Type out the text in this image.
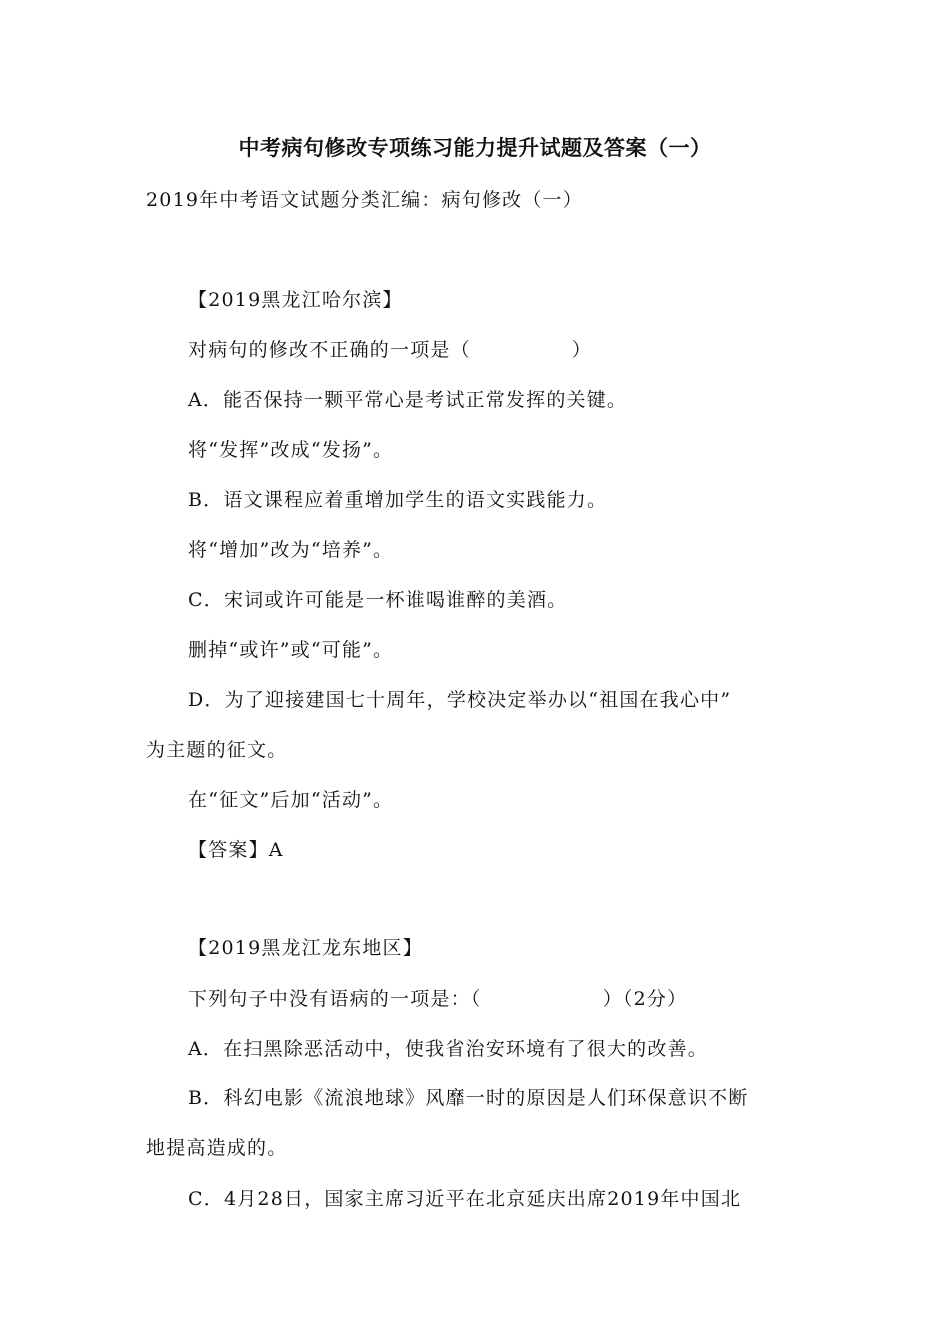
中考病句修改专项练习能力提升试题及答案（一）
2019年中考语文试题分类汇编：病句修改（一）
【2019黑龙江哈尔滨】
对病句的修改不正确的一项是（　　　　　）
A．能否保持一颗平常心是考试正常发挥的关键。
将“发挥”改成“发扬”。
B．语文课程应着重增加学生的语文实践能力。
将“增加”改为“培养”。
C．宋词或许可能是一杯谁喝谁醉的美酒。
删掉“或许”或“可能”。
D．为了迎接建国七十周年，学校决定举办以“祖国在我心中”
为主题的征文。
在“征文”后加“活动”。
【答案】A
【2019黑龙江龙东地区】
下列句子中没有语病的一项是：（　　　　　　）（2分）
A．在扫黑除恶活动中，使我省治安环境有了很大的改善。
B．科幻电影《流浪地球》风靡一时的原因是人们环保意识不断
地提高造成的。
C．4月28日，国家主席习近平在北京延庆出席2019年中国北
